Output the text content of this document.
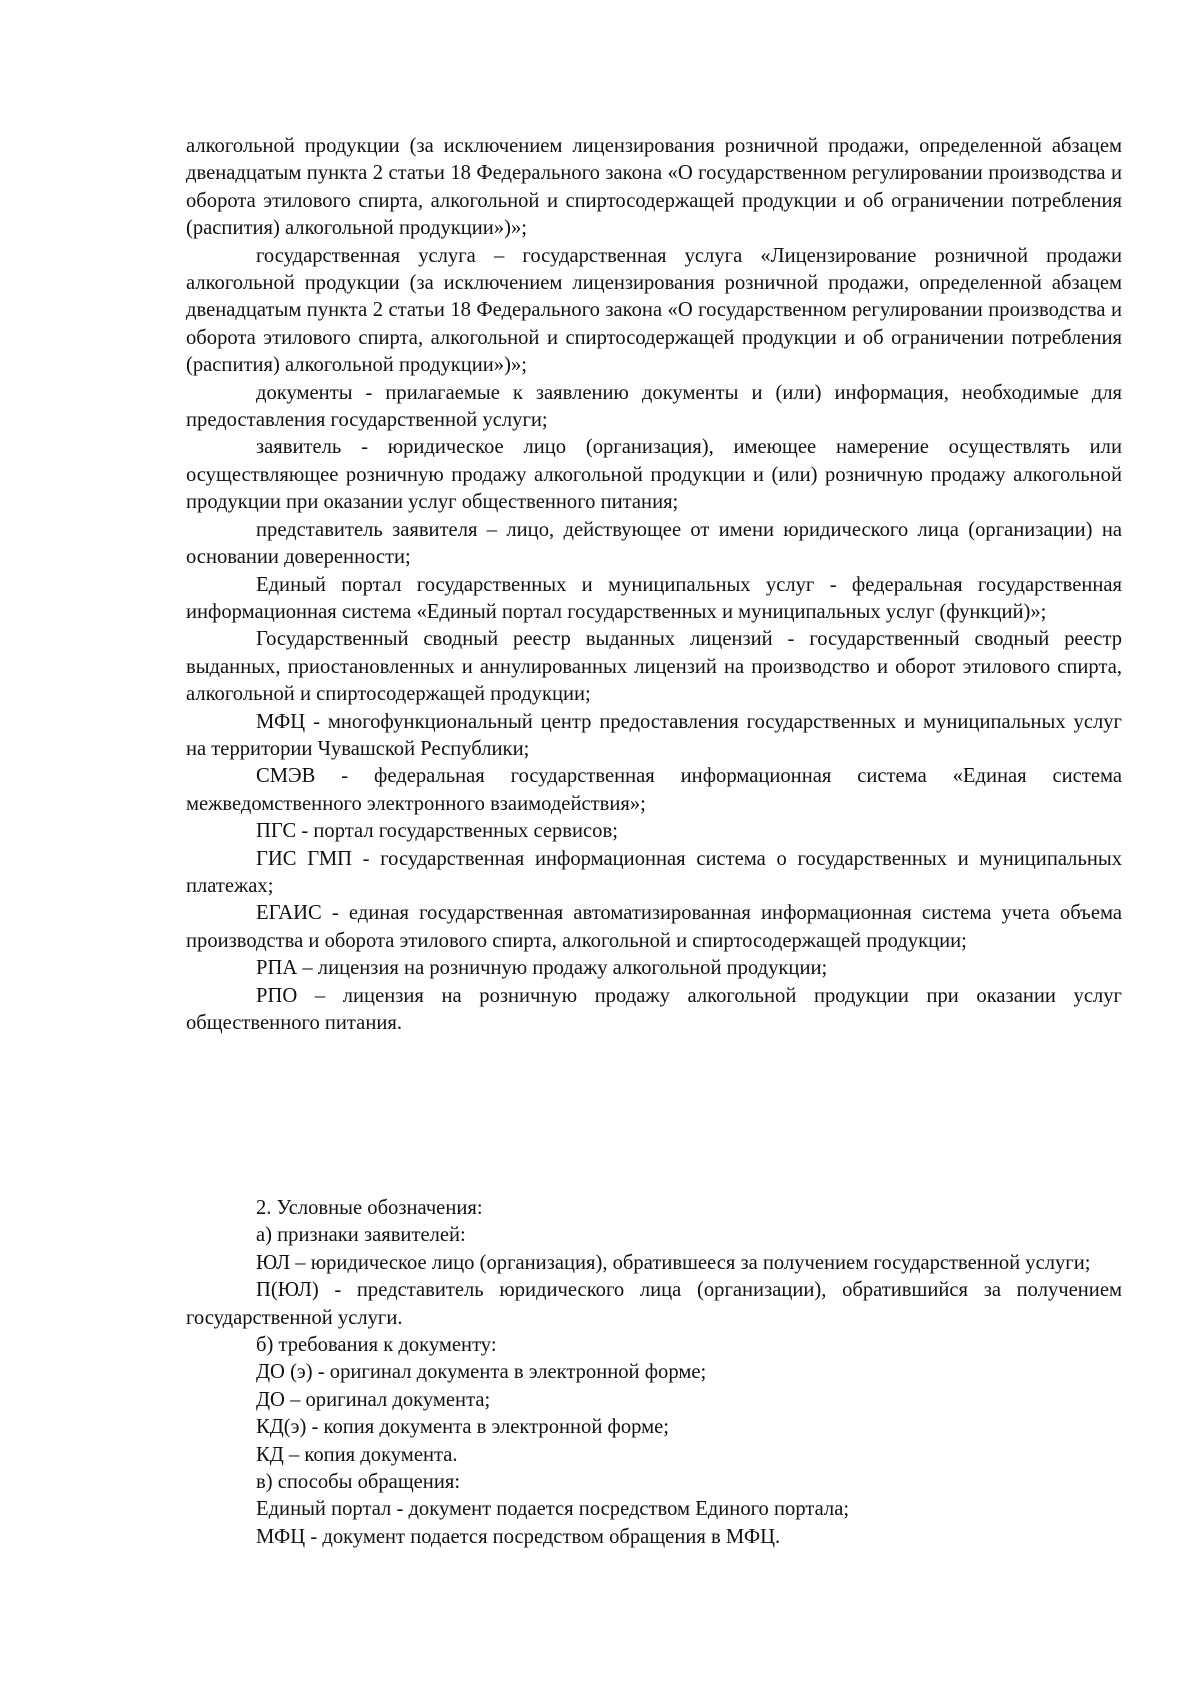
алкогольной продукции (за исключением лицензирования розничной продажи, определенной абзацем двенадцатым пункта 2 статьи 18 Федерального закона «О государственном регулировании производства и оборота этилового спирта, алкогольной и спиртосодержащей продукции и об ограничении потребления (распития) алкогольной продукции»)»;

государственная услуга – государственная услуга «Лицензирование розничной продажи алкогольной продукции (за исключением лицензирования розничной продажи, определенной абзацем двенадцатым пункта 2 статьи 18 Федерального закона «О государственном регулировании производства и оборота этилового спирта, алкогольной и спиртосодержащей продукции и об ограничении потребления (распития) алкогольной продукции»)»;

документы - прилагаемые к заявлению документы и (или) информация, необходимые для предоставления государственной услуги;

заявитель - юридическое лицо (организация), имеющее намерение осуществлять или осуществляющее розничную продажу алкогольной продукции и (или) розничную продажу алкогольной продукции при оказании услуг общественного питания;

представитель заявителя – лицо, действующее от имени юридического лица (организации) на основании доверенности;

Единый портал государственных и муниципальных услуг - федеральная государственная информационная система «Единый портал государственных и муниципальных услуг (функций)»;

Государственный сводный реестр выданных лицензий - государственный сводный реестр выданных, приостановленных и аннулированных лицензий на производство и оборот этилового спирта, алкогольной и спиртосодержащей продукции;

МФЦ - многофункциональный центр предоставления государственных и муниципальных услуг на территории Чувашской Республики;

СМЭВ - федеральная государственная информационная система «Единая система межведомственного электронного взаимодействия»;

ПГС - портал государственных сервисов;

ГИС ГМП - государственная информационная система о государственных и муниципальных платежах;

ЕГАИС - единая государственная автоматизированная информационная система учета объема производства и оборота этилового спирта, алкогольной и спиртосодержащей продукции;

РПА – лицензия на розничную продажу алкогольной продукции;

РПО – лицензия на розничную продажу алкогольной продукции при оказании услуг общественного питания.

2. Условные обозначения:

а) признаки заявителей:

ЮЛ – юридическое лицо (организация), обратившееся за получением государственной услуги;

П(ЮЛ) - представитель юридического лица (организации), обратившийся за получением государственной услуги.

б) требования к документу:

ДО (э) - оригинал документа в электронной форме;

ДО – оригинал документа;

КД(э) - копия документа в электронной форме;

КД – копия документа.

в) способы обращения:

Единый портал - документ подается посредством Единого портала;

МФЦ - документ подается посредством обращения в МФЦ.
